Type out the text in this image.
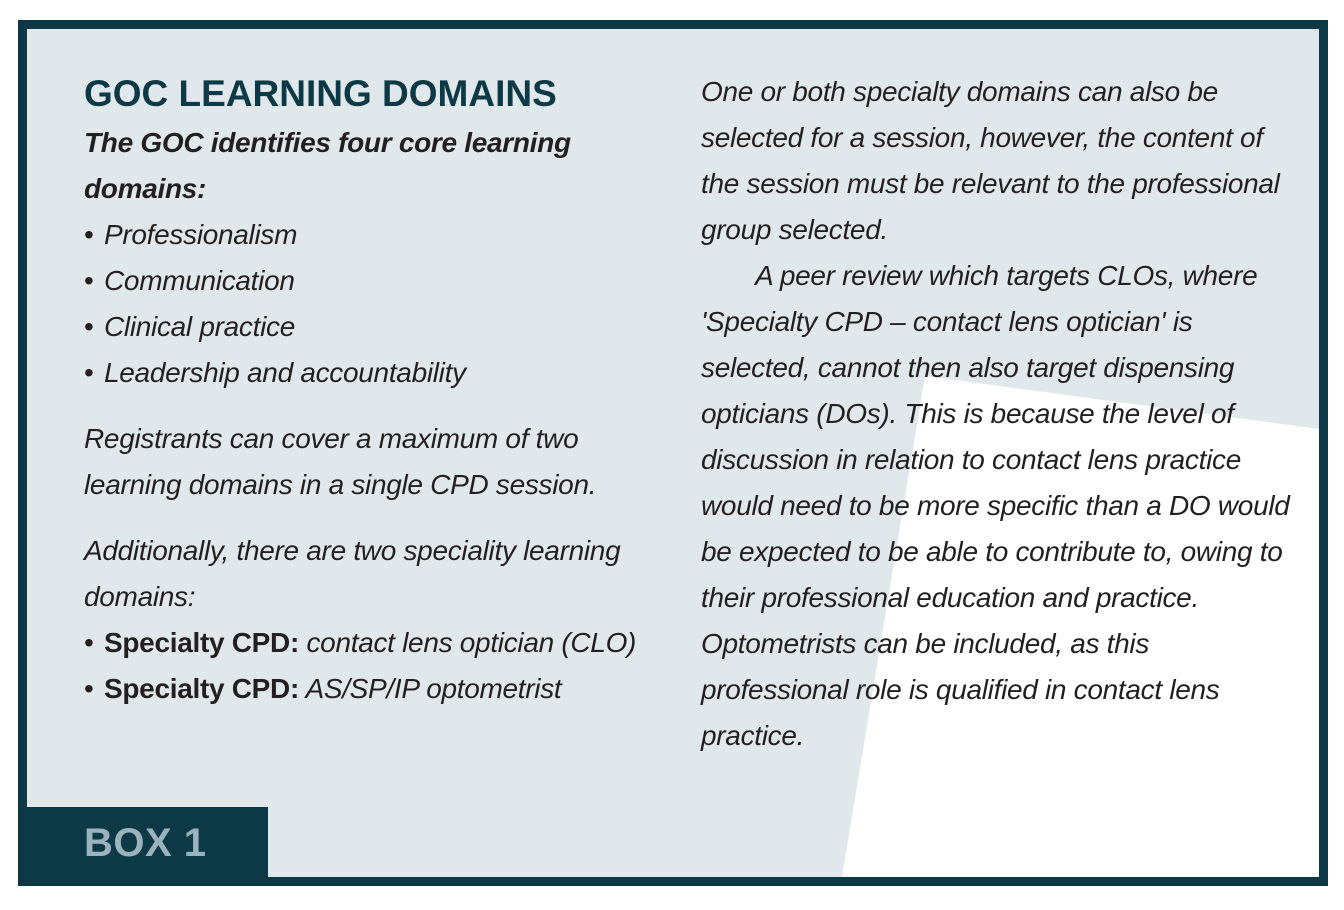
GOC LEARNING DOMAINS

The GOC identifies four core learning domains:

• Professionalism
• Communication
• Clinical practice
• Leadership and accountability

Registrants can cover a maximum of two learning domains in a single CPD session.

Additionally, there are two speciality learning domains:

• Specialty CPD: contact lens optician (CLO)
• Specialty CPD: AS/SP/IP optometrist

One or both specialty domains can also be selected for a session, however, the content of the session must be relevant to the professional group selected.

A peer review which targets CLOs, where 'Specialty CPD – contact lens optician' is selected, cannot then also target dispensing opticians (DOs). This is because the level of discussion in relation to contact lens practice would need to be more specific than a DO would be expected to be able to contribute to, owing to their professional education and practice. Optometrists can be included, as this professional role is qualified in contact lens practice.

BOX 1
